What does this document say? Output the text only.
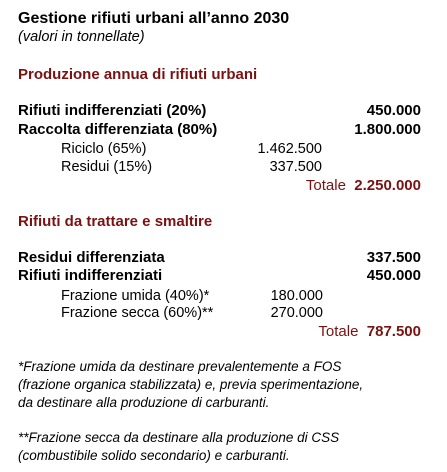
Gestione rifiuti urbani all’anno 2030
(valori in tonnellate)
Produzione annua di rifiuti urbani
Rifiuti indifferenziati (20%)	450.000
Raccolta differenziata (80%)	1.800.000
Riciclo (65%)	1.462.500
Residui (15%)	337.500
Totale 2.250.000
Rifiuti da trattare e smaltire
Residui differenziata	337.500
Rifiuti indifferenziati	450.000
Frazione umida (40%)*	180.000
Frazione secca (60%)**	270.000
Totale 787.500
*Frazione umida da destinare prevalentemente a FOS
(frazione organica stabilizzata) e, previa sperimentazione,
da destinare alla produzione di carburanti.
**Frazione secca da destinare alla produzione di CSS
(combustibile solido secondario) e carburanti.
